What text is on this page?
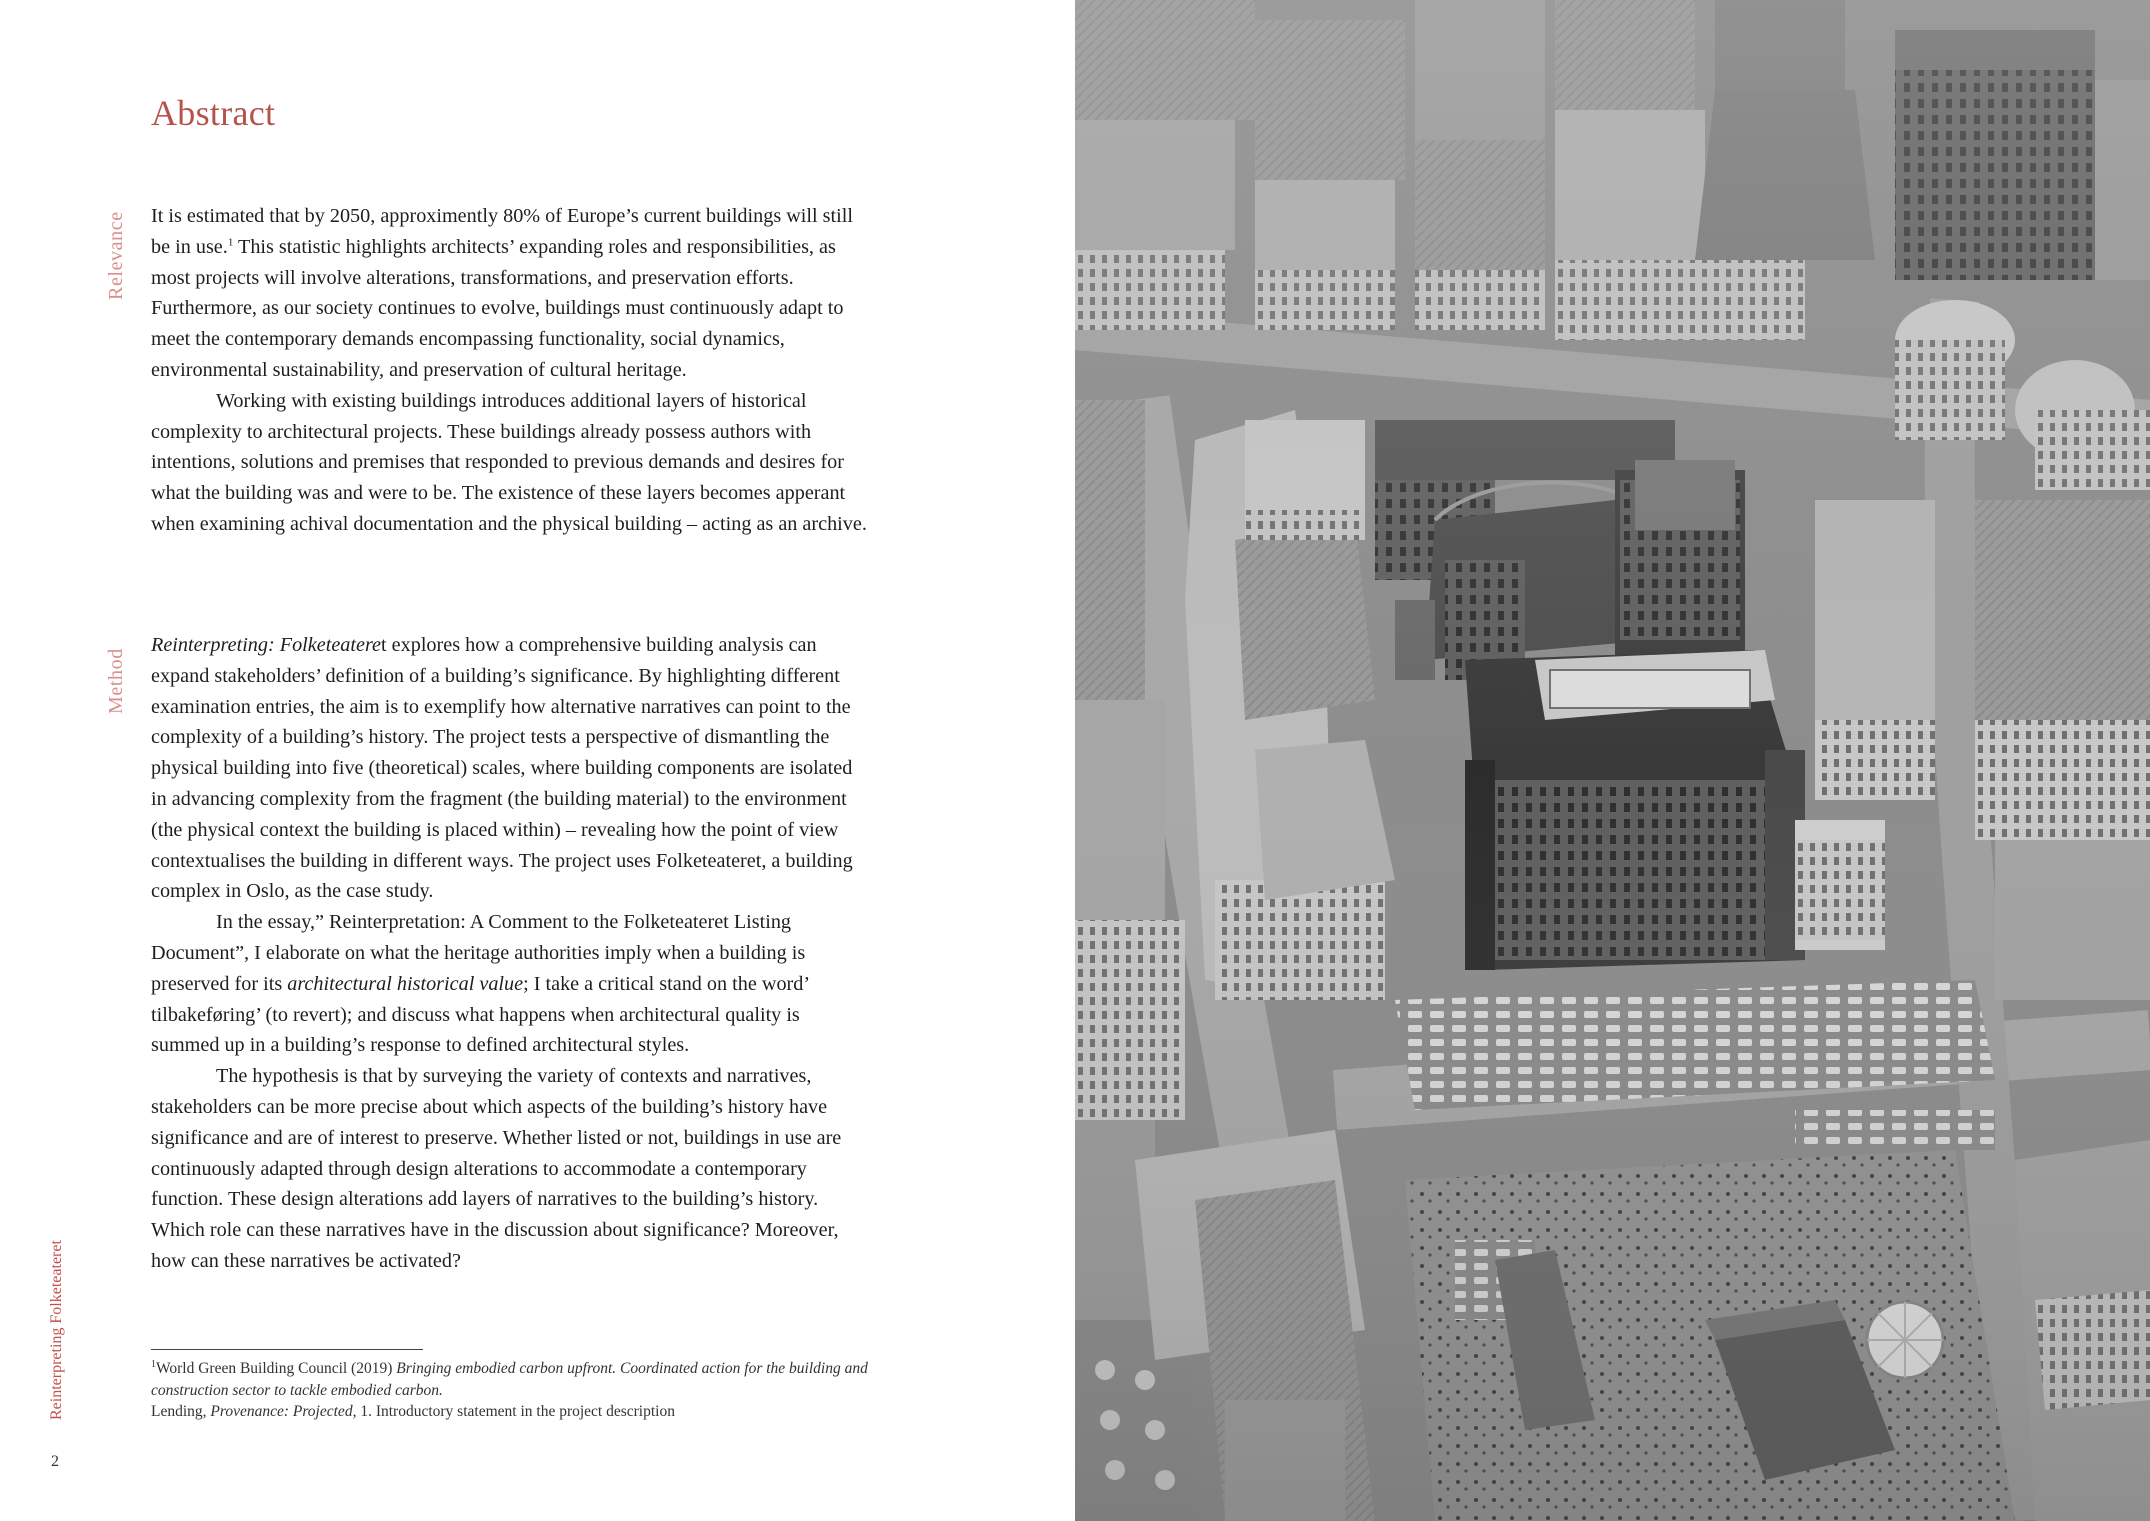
Abstract
Relevance It is estimated that by 2050, approximently 80% of Europe’s current buildings will still be in use.$^1$ This statistic highlights architects’ expanding roles and responsibilities, as most projects will involve alterations, transformations, and preservation efforts. Furthermore, as our society continues to evolve, buildings must continuously adapt to meet the contemporary demands encompassing functionality, social dynamics, environmental sustainability, and preservation of cultural heritage.

Working with existing buildings introduces additional layers of historical complexity to architectural projects. These buildings already possess authors with intentions, solutions and premises that responded to previous demands and desires for what the building was and were to be. The existence of these layers becomes apperant when examining achival documentation and the physical building – acting as an archive.

Method

Reinterpreting: Folketeateret explores how a comprehensive building analysis can expand stakeholders’ definition of a building’s significance. By highlighting different examination entries, the aim is to exemplify how alternative narratives can point to the complexity of a building’s history. The project tests a perspective of dismantling the physical building into five (theoretical) scales, where building components are isolated in advancing complexity from the fragment (the building material) to the environment (the physical context the building is placed within) – revealing how the point of view contextualises the building in different ways. The project uses Folketeateret, a building complex in Oslo, as the case study.

In the essay,” Reinterpretation: A Comment to the Folketeateret Listing Document”, I elaborate on what the heritage authorities imply when a building is preserved for its architectural historical value; I take a critical stand on the word’ tilbakeføring’ (to revert); and discuss what happens when architectural quality is summed up in a building’s response to defined architectural styles.

The hypothesis is that by surveying the variety of contexts and narratives, stakeholders can be more precise about which aspects of the building’s history have significance and are of interest to preserve. Whether listed or not, buildings in use are continuously adapted through design alterations to accommodate a contemporary function. These design alterations add layers of narratives to the building’s history. Which role can these narratives have in the discussion about significance? Moreover, how can these narratives be activated?

$^1$World Green Building Council (2019) Bringing embodied carbon upfront. Coordinated action for the building and construction sector to tackle embodied carbon.

Lending, Provenance: Projected, 1. Introductory statement in the project description

Reinterpreting Folketeateret
2
